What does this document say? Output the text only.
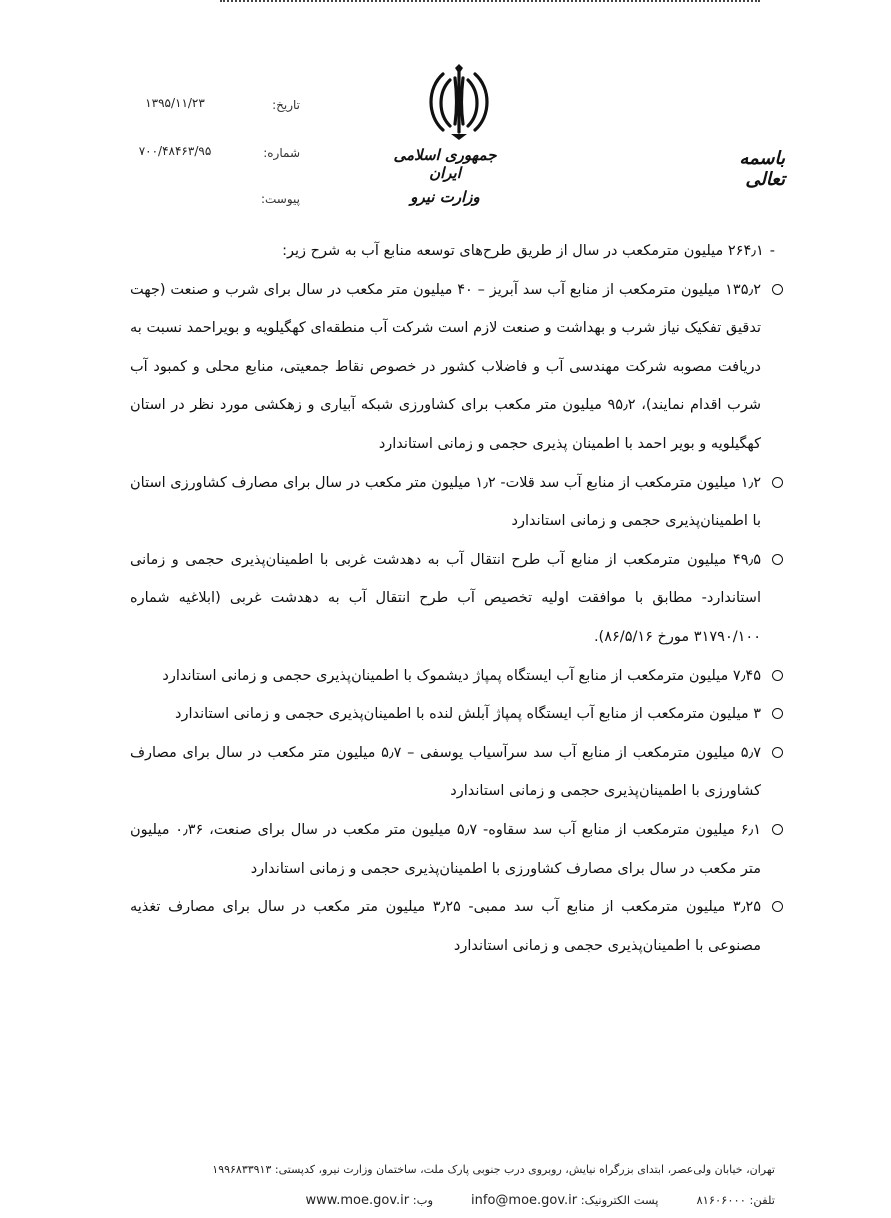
جمهوری اسلامی ایران
وزارت نیرو
باسمه تعالی
تاریخ:
۱۳۹۵/۱۱/۲۳
شماره:
۷۰۰/۴۸۴۶۳/۹۵
پیوست:

-۲۶۴٫۱ میلیون مترمکعب در سال از طریق طرح‌های توسعه منابع آب به شرح زیر:

۱۳۵٫۲ میلیون مترمکعب از منابع آب سد آبریز – ۴۰ میلیون متر مکعب در سال برای شرب و صنعت (جهت تدقیق تفکیک نیاز شرب و بهداشت و صنعت لازم است شرکت آب منطقه‌ای کهگیلویه و بویراحمد نسبت به دریافت مصوبه شرکت مهندسی آب و فاضلاب کشور در خصوص نقاط جمعیتی، منابع محلی و کمبود آب شرب اقدام نمایند)، ۹۵٫۲ میلیون متر مکعب برای کشاورزی شبکه آبیاری و زهکشی مورد نظر در استان کهگیلویه و بویر احمد با اطمینان پذیری حجمی و زمانی استاندارد
۱٫۲ میلیون مترمکعب از منابع آب سد قلات- ۱٫۲ میلیون متر مکعب در سال برای مصارف کشاورزی استان با اطمینان‌پذیری حجمی و زمانی استاندارد
۴۹٫۵ میلیون مترمکعب از منابع آب طرح انتقال آب به دهدشت غربی با اطمینان‌پذیری حجمی و زمانی استاندارد- مطابق با موافقت اولیه تخصیص آب طرح انتقال آب به دهدشت غربی (ابلاغیه شماره ۳۱۷۹۰/۱۰۰ مورخ ۸۶/۵/۱۶).
۷٫۴۵ میلیون مترمکعب از منابع آب ایستگاه پمپاژ دیشموک با اطمینان‌پذیری حجمی و زمانی استاندارد
۳ میلیون مترمکعب از منابع آب ایستگاه پمپاژ آبلش لنده با اطمینان‌پذیری حجمی و زمانی استاندارد
۵٫۷ میلیون مترمکعب از منابع آب سد سرآسیاب یوسفی – ۵٫۷ میلیون متر مکعب در سال برای مصارف کشاورزی با اطمینان‌پذیری حجمی و زمانی استاندارد
۶٫۱ میلیون مترمکعب از منابع آب سد سقاوه- ۵٫۷ میلیون متر مکعب در سال برای صنعت، ۰٫۳۶ میلیون متر مکعب در سال برای مصارف کشاورزی با اطمینان‌پذیری حجمی و زمانی استاندارد
۳٫۲۵ میلیون مترمکعب از منابع آب سد ممبی- ۳٫۲۵ میلیون متر مکعب در سال برای مصارف تغذیه مصنوعی با اطمینان‌پذیری حجمی و زمانی استاندارد
تهران، خیابان ولی‌عصر، ابتدای بزرگراه نیایش، روبروی درب جنوبی پارک ملت، ساختمان وزارت نیرو، کدپستی: ۱۹۹۶۸۳۳۹۱۳
تلفن: ۸۱۶۰۶۰۰۰
پست الکترونیک: info@moe.gov.ir
وب: www.moe.gov.ir
